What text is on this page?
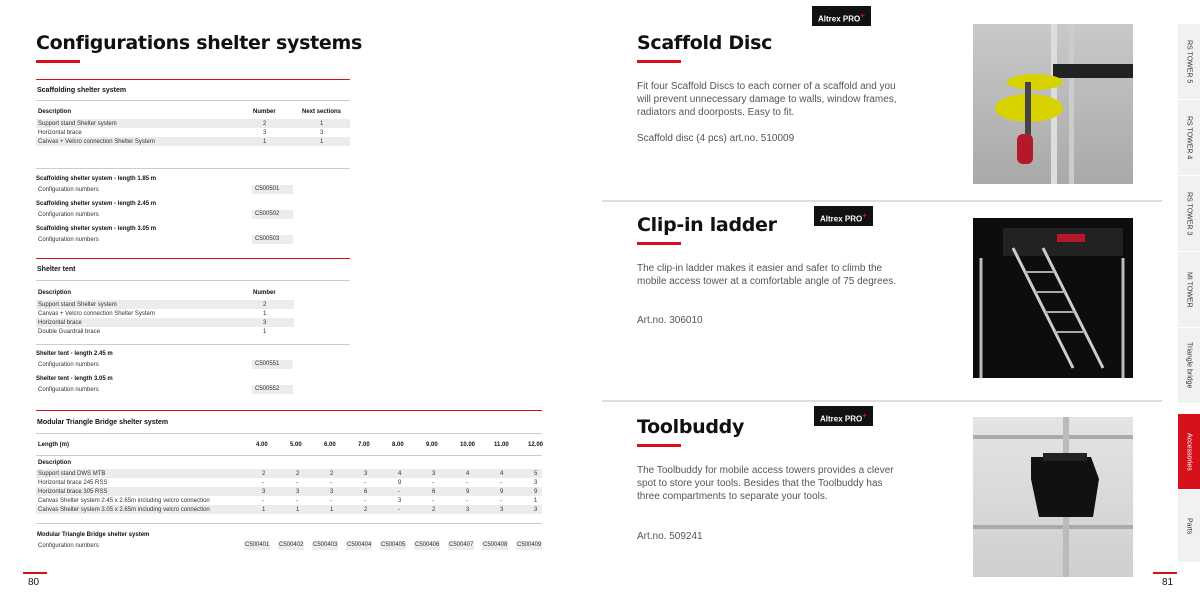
Configurations shelter systems
Scaffolding shelter system
Description	Number	Next sections
Support stand Shelter system	2	1
Horizontal brace	3	3
Canvas + Velcro connection Shelter System	1	1
Scaffolding shelter system - length 1.85 m
Configuration numbers	C500501
Scaffolding shelter system - length 2.45 m
Configuration numbers	C500502
Scaffolding shelter system - length 3.05 m
Configuration numbers	C500503
Shelter tent
Description	Number
Support stand Shelter system	2
Canvas + Velcro connection Shelter System	1
Horizontal brace	3
Double Guardrail brace	1
Shelter tent - length 2.45 m
Configuration numbers	C500551
Shelter tent - length 3.05 m
Configuration numbers	C500552
Modular Triangle Bridge shelter system
Length (m)	4.00	5.00	6.00	7.00	8.00	9.00	10.00	11.00	12.00
Description
Support stand DWS MTB	2	2	2	3	4	3	4	4	5
Horizontal brace 245 RSS	-	-	-	-	9	-	-	-	3
Horizontal brace 305 RSS	3	3	3	6	-	6	9	9	9
Canvas Shelter system 2.45 x 2.65m including velcro connection	-	-	-	-	3	-	-	-	1
Canvas Shelter system 3.05 x 2.65m including velcro connection	1	1	1	2	-	2	3	3	3
Modular Triangle Bridge shelter system
Configuration numbers	C500401 C500402 C500403 C500404 C500405 C500406 C500407 C500408 C500409
80
Altrex PRO+
Scaffold Disc
Fit four Scaffold Discs to each corner of a scaffold and you will prevent unnecessary damage to walls, window frames, radiators and doorposts. Easy to fit.
Scaffold disc (4 pcs) art.no. 510009
Altrex PRO+
Clip-in ladder
The clip-in ladder makes it easier and safer to climb the mobile access tower at a comfortable angle of 75 degrees.
Art.no. 306010
Altrex PRO+
Toolbuddy
The Toolbuddy for mobile access towers provides a clever spot to store your tools. Besides that the Toolbuddy has three compartments to separate your tools.
Art.no. 509241
81
RS TOWER 5
RS TOWER 4
RS TOWER 3
MI TOWER
Triangle bridge
Accessories
Parts
